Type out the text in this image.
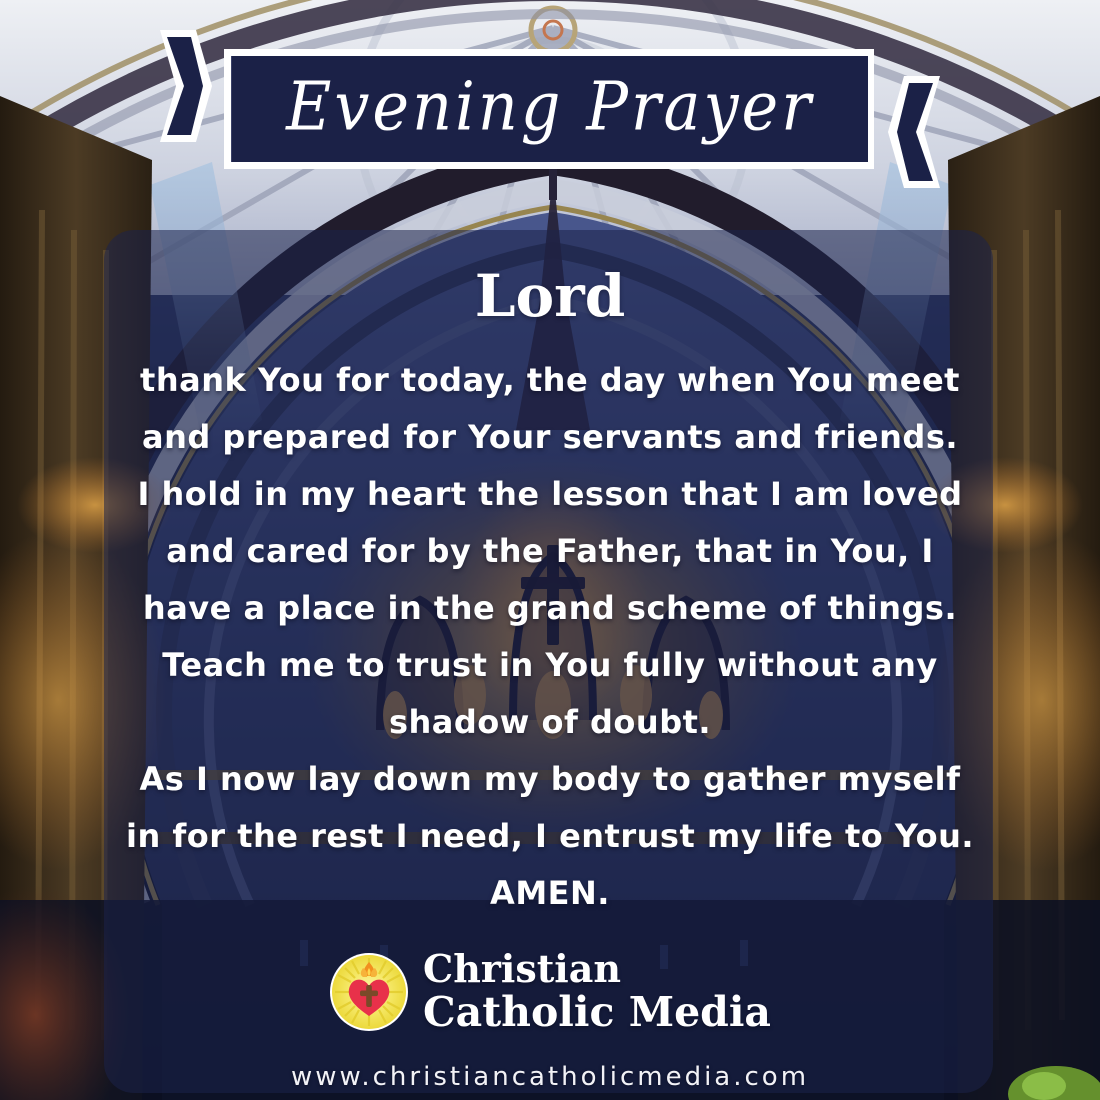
Evening Prayer
Lord
thank You for today, the day when You meet
and prepared for Your servants and friends.
I hold in my heart the lesson that I am loved
and cared for by the Father, that in You, I
have a place in the grand scheme of things.
Teach me to trust in You fully without any
shadow of doubt.
As I now lay down my body to gather myself
in for the rest I need, I entrust my life to You.
AMEN.
Christian
Catholic Media
www.christiancatholicmedia.com
